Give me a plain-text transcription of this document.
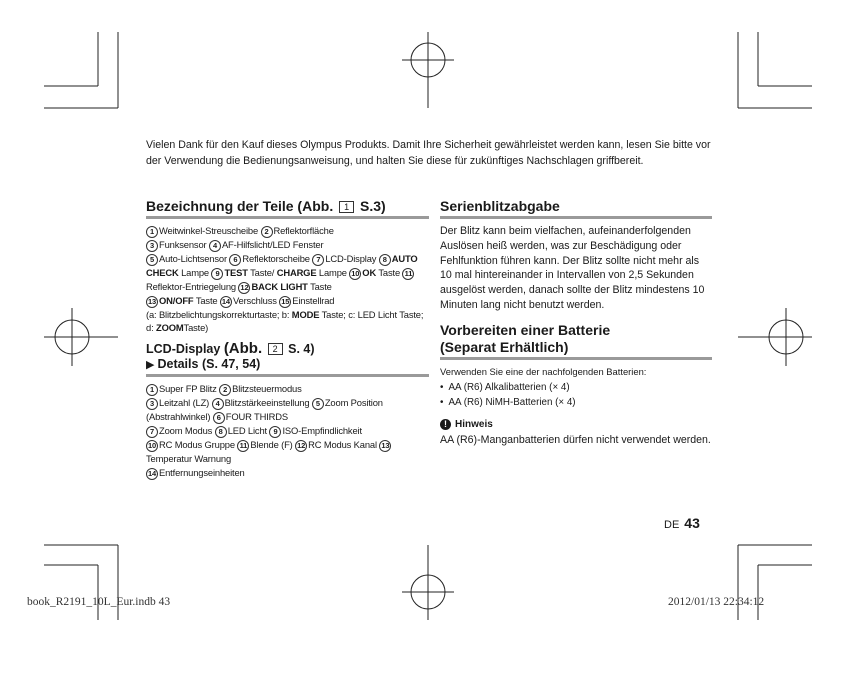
Vielen Dank für den Kauf dieses Olympus Produkts. Damit Ihre Sicherheit gewährleistet werden kann, lesen Sie bitte vor der Verwendung die Bedienungsanweisung, und halten Sie diese für zukünftiges Nachschlagen griffbereit.
Bezeichnung der Teile (Abb. 1 S.3)
1 Weitwinkel-Streuscheibe 2 Reflektorfläche
3 Funksensor 4 AF-Hilfslicht/LED Fenster
5 Auto-Lichtsensor 6 Reflektorscheibe 7 LCD-Display 8 AUTO CHECK Lampe 9 TEST Taste/ CHARGE Lampe 10 OK Taste 11Reflektor-Entriegelung 12 BACK LIGHT Taste
13 ON/OFF Taste 14 Verschluss 15 Einstellrad
(a: Blitzbelichtungskorrekturtaste; b: MODE Taste; c: LED Licht Taste; d: ZOOMTaste)
LCD-Display (Abb. 2 S. 4)
▶ Details (S. 47, 54)
1 Super FP Blitz 2 Blitzsteuermodus
3 Leitzahl (LZ) 4 Blitzstärkeeinstellung 5 Zoom Position (Abstrahlwinkel) 6 FOUR THIRDS
7 Zoom Modus 8 LED Licht 9 ISO-Empfindlichkeit
10 RC Modus Gruppe 11 Blende (F) 12 RC Modus Kanal 13Temperatur Warnung
14 Entfernungseinheiten
Serienblitzabgabe
Der Blitz kann beim vielfachen, aufeinanderfolgenden Auslösen heiß werden, was zur Beschädigung oder Fehlfunktion führen kann. Der Blitz sollte nicht mehr als 10 mal hintereinander in Intervallen von 2,5 Sekunden ausgelöst werden, danach sollte der Blitz mindestens 10 Minuten lang nicht benutzt werden.
Vorbereiten einer Batterie
(Separat Erhältlich)
Verwenden Sie eine der nachfolgenden Batterien:
• AA (R6) Alkalibatterien (× 4)
• AA (R6) NiMH-Batterien (× 4)
! Hinweis
AA (R6)-Manganbatterien dürfen nicht verwendet werden.
DE 43
book_R2191_10L_Eur.indb 43	2012/01/13 22:34:12
